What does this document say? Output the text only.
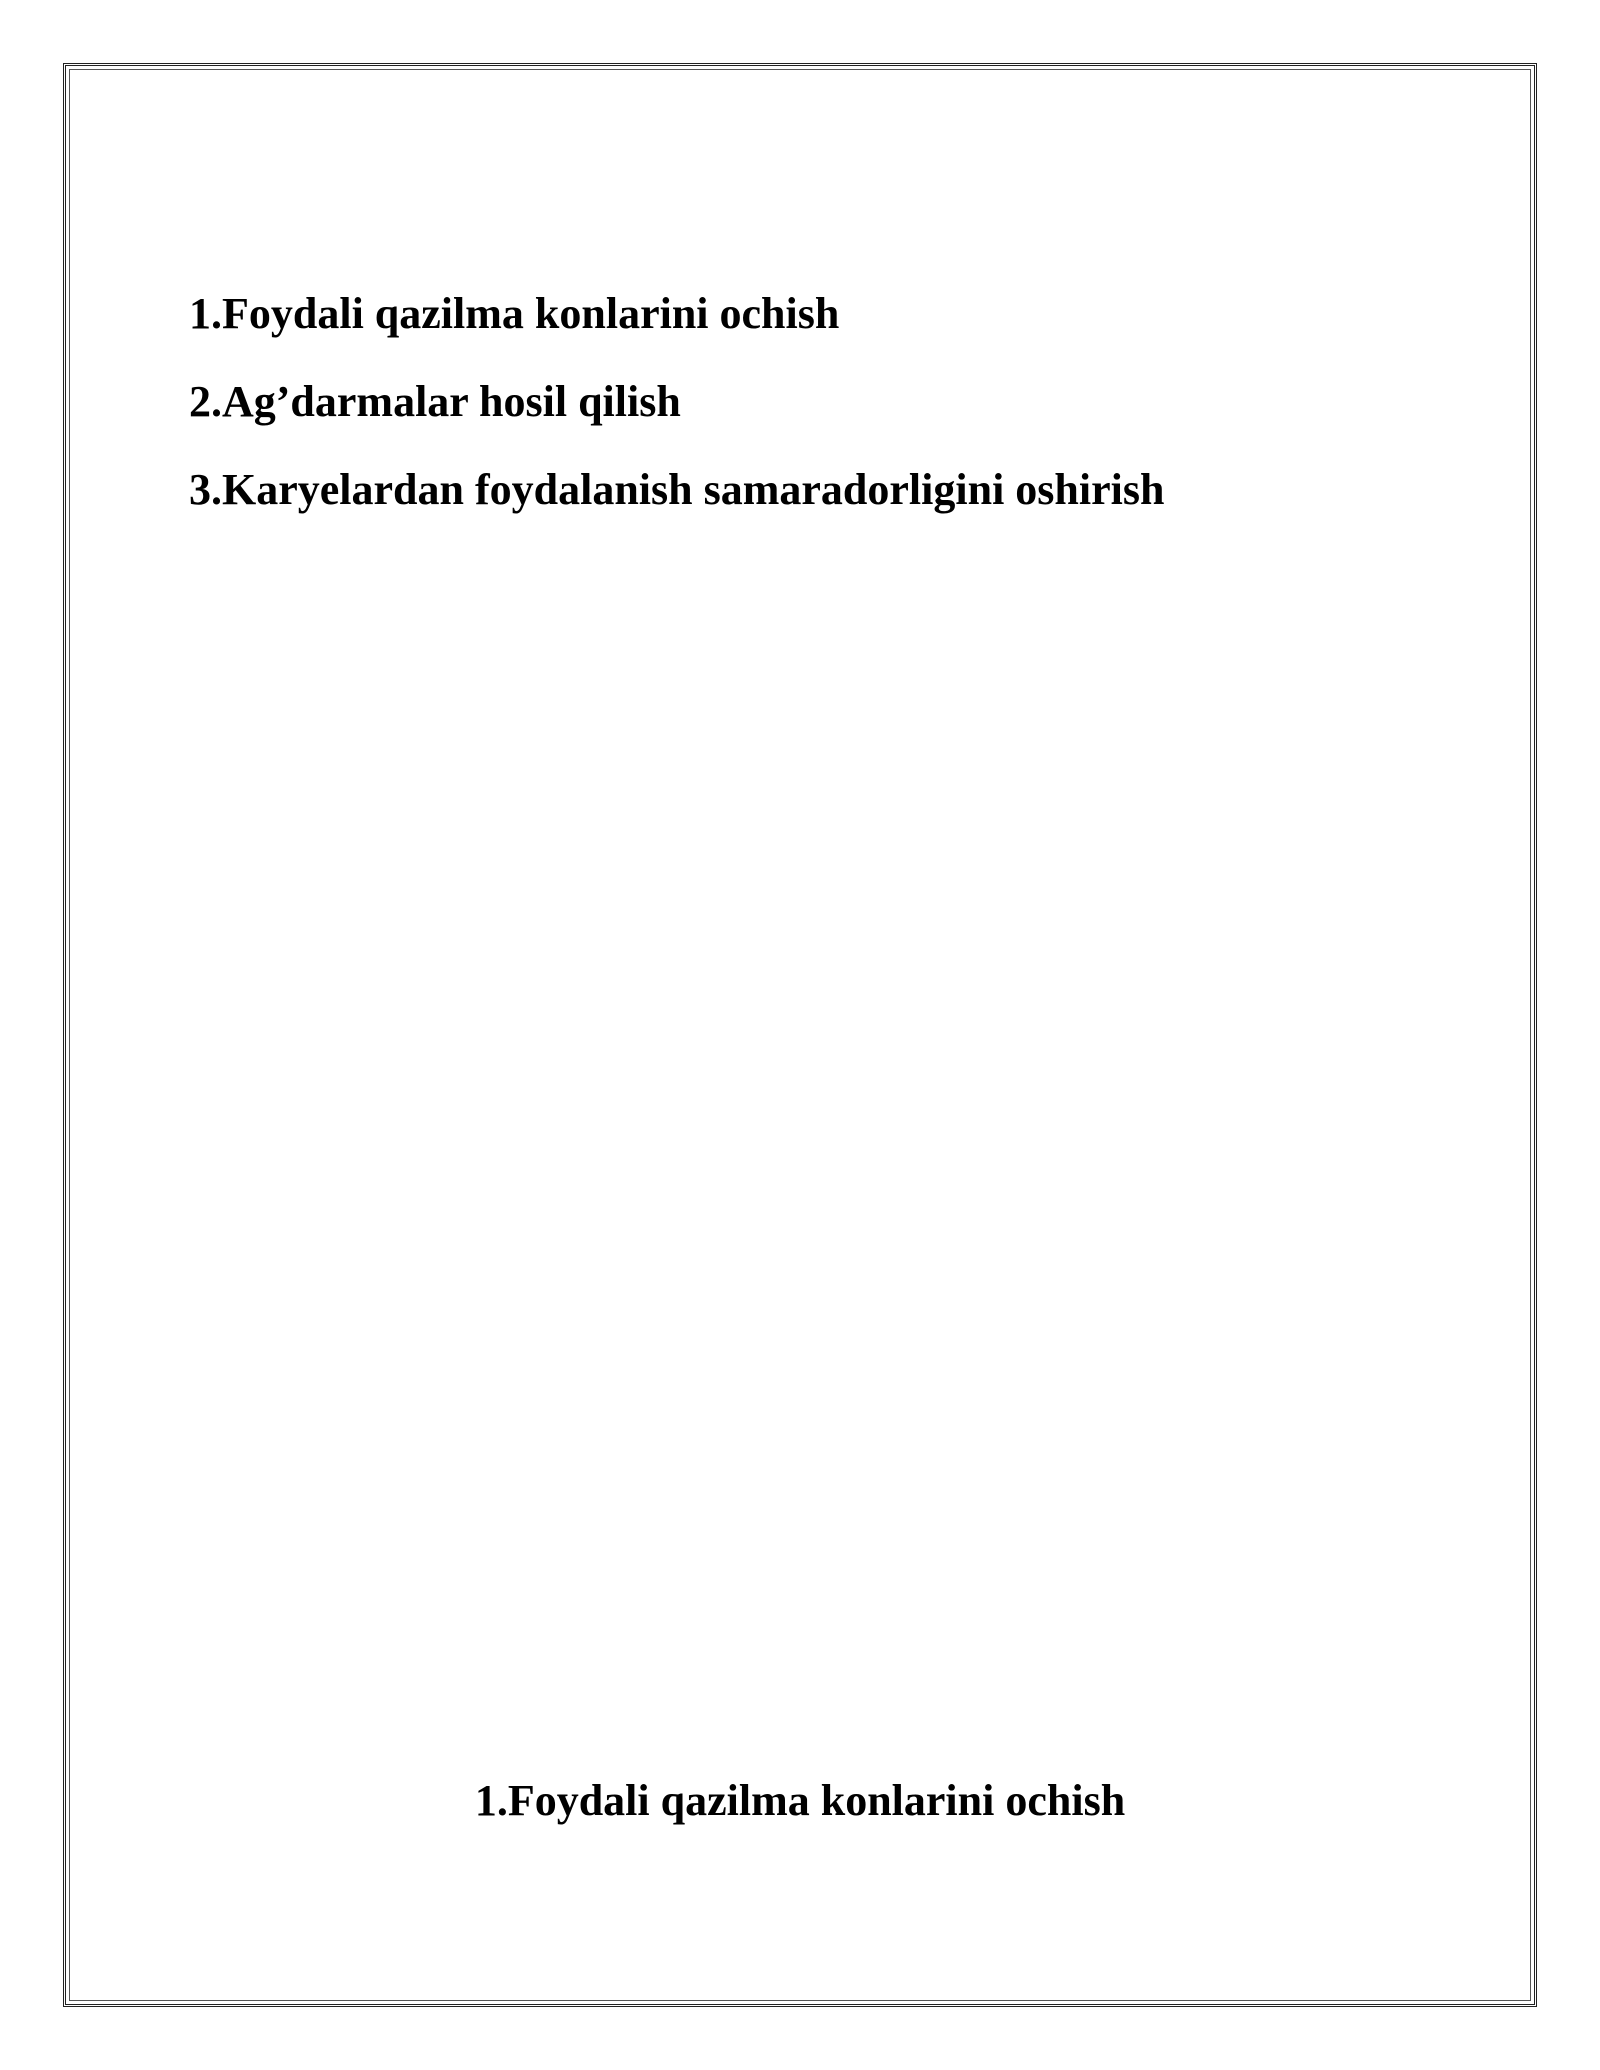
1.Foydali qazilma konlarini ochish
2.Ag’darmalar hosil qilish
3.Karyelardan foydalanish samaradorligini oshirish
1.Foydali qazilma konlarini ochish
